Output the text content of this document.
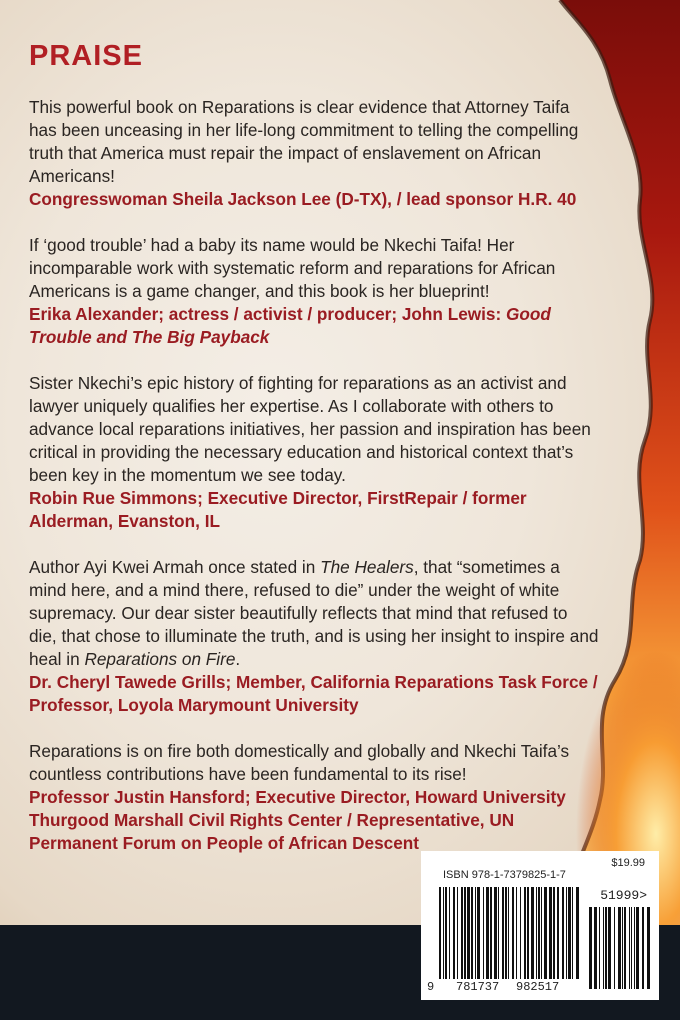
PRAISE

This powerful book on Reparations is clear evidence that Attorney Taifa has been unceasing in her life-long commitment to telling the compelling truth that America must repair the impact of enslavement on African Americans!

Congresswoman Sheila Jackson Lee (D-TX), / lead sponsor H.R. 40

If ‘good trouble’ had a baby its name would be Nkechi Taifa! Her incomparable work with systematic reform and reparations for African Americans is a game changer, and this book is her blueprint!

Erika Alexander; actress / activist / producer; John Lewis: Good Trouble and The Big Payback

Sister Nkechi’s epic history of fighting for reparations as an activist and lawyer uniquely qualifies her expertise. As I collaborate with others to advance local reparations initiatives, her passion and inspiration has been critical in providing the necessary education and historical context that’s been key in the momentum we see today.

Robin Rue Simmons; Executive Director, FirstRepair / former Alderman, Evanston, IL

Author Ayi Kwei Armah once stated in The Healers, that “sometimes a mind here, and a mind there, refused to die” under the weight of white supremacy. Our dear sister beautifully reflects that mind that refused to die, that chose to illuminate the truth, and is using her insight to inspire and heal in Reparations on Fire.

Dr. Cheryl Tawede Grills; Member, California Reparations Task Force / Professor, Loyola Marymount University

Reparations is on fire both domestically and globally and Nkechi Taifa’s countless contributions have been fundamental to its rise!

Professor Justin Hansford; Executive Director, Howard University Thurgood Marshall Civil Rights Center / Representative, UN Permanent Forum on People of African Descent

$19.99
ISBN 978-1-7379825-1-7
51999>
9 781737 982517
